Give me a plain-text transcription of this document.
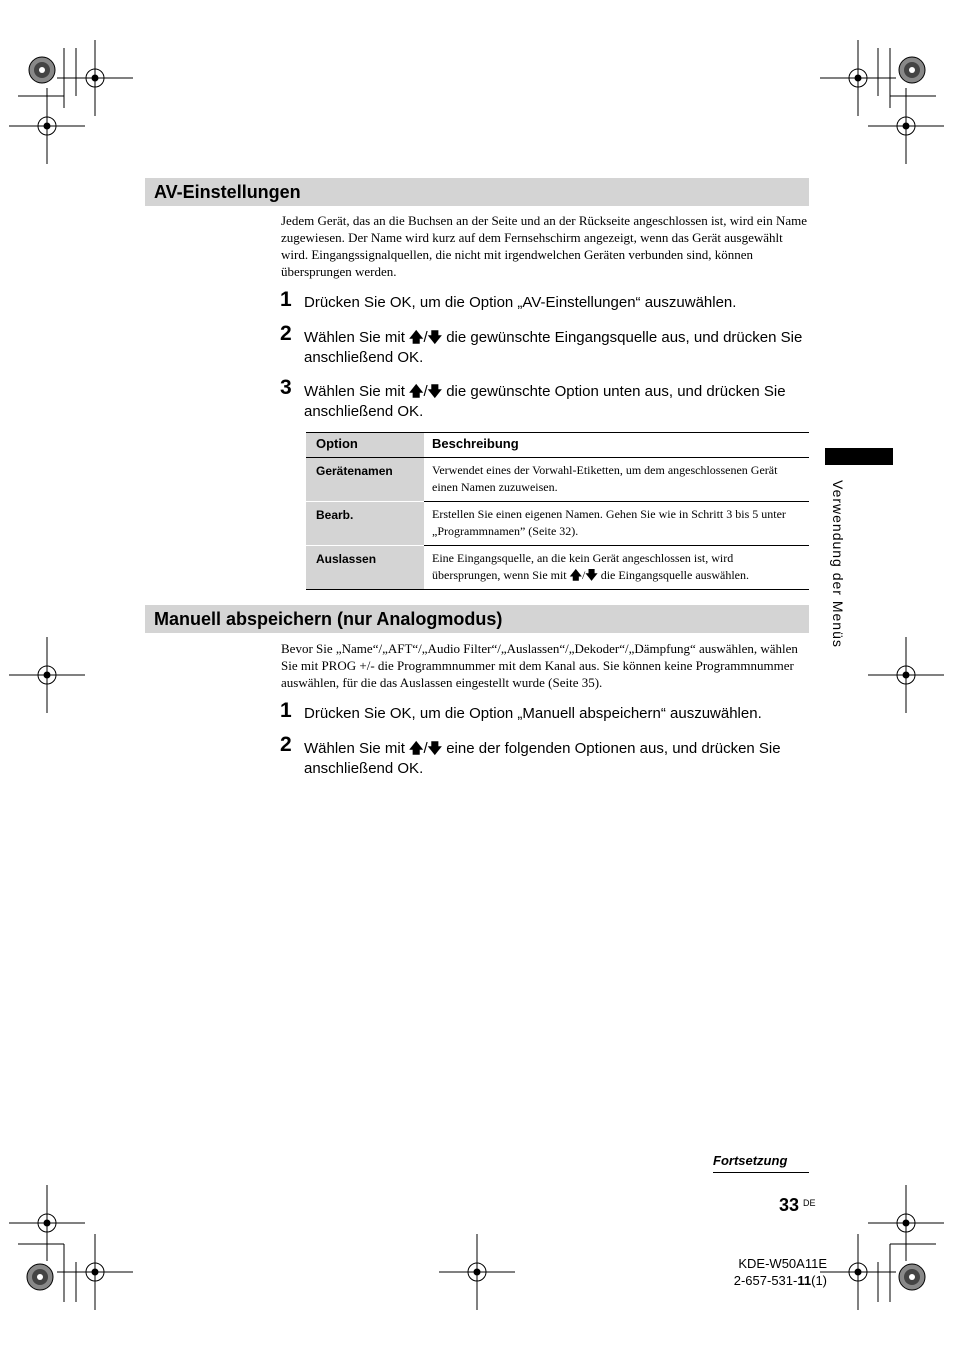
AV-Einstellungen

Jedem Gerät, das an die Buchsen an der Seite und an der Rückseite angeschlossen ist, wird ein Name zugewiesen. Der Name wird kurz auf dem Fernsehschirm angezeigt, wenn das Gerät ausgewählt wird. Eingangssignalquellen, die nicht mit irgendwelchen Geräten verbunden sind, können übersprungen werden.

1 Drücken Sie OK, um die Option „AV-Einstellungen“ auszuwählen.
2 Wählen Sie mit 🡅/🡇 die gewünschte Eingangsquelle aus, und drücken Sie anschließend OK.
3 Wählen Sie mit 🡅/🡇 die gewünschte Option unten aus, und drücken Sie anschließend OK.
Option	Beschreibung
Gerätenamen	Verwendet eines der Vorwahl-Etiketten, um dem angeschlossenen Gerät einen Namen zuzuweisen.
Bearb.	Erstellen Sie einen eigenen Namen. Gehen Sie wie in Schritt 3 bis 5 unter „Programmnamen” (Seite 32).
Auslassen	Eine Eingangsquelle, an die kein Gerät angeschlossen ist, wird übersprungen, wenn Sie mit 🡅/🡇 die Eingangsquelle auswählen.
Manuell abspeichern (nur Analogmodus)

Bevor Sie „Name“/„AFT“/„Audio Filter“/„Auslassen“/„Dekoder“/„Dämpfung“ auswählen, wählen Sie mit PROG +/- die Programmnummer mit dem Kanal aus. Sie können keine Programmnummer auswählen, für die das Auslassen eingestellt wurde (Seite 35).

1 Drücken Sie OK, um die Option „Manuell abspeichern“ auszuwählen.
2 Wählen Sie mit 🡅/🡇 eine der folgenden Optionen aus, und drücken Sie anschließend OK.
Verwendung der Menüs
Fortsetzung
33 DE
KDE-W50A11E
2-657-531-11(1)
